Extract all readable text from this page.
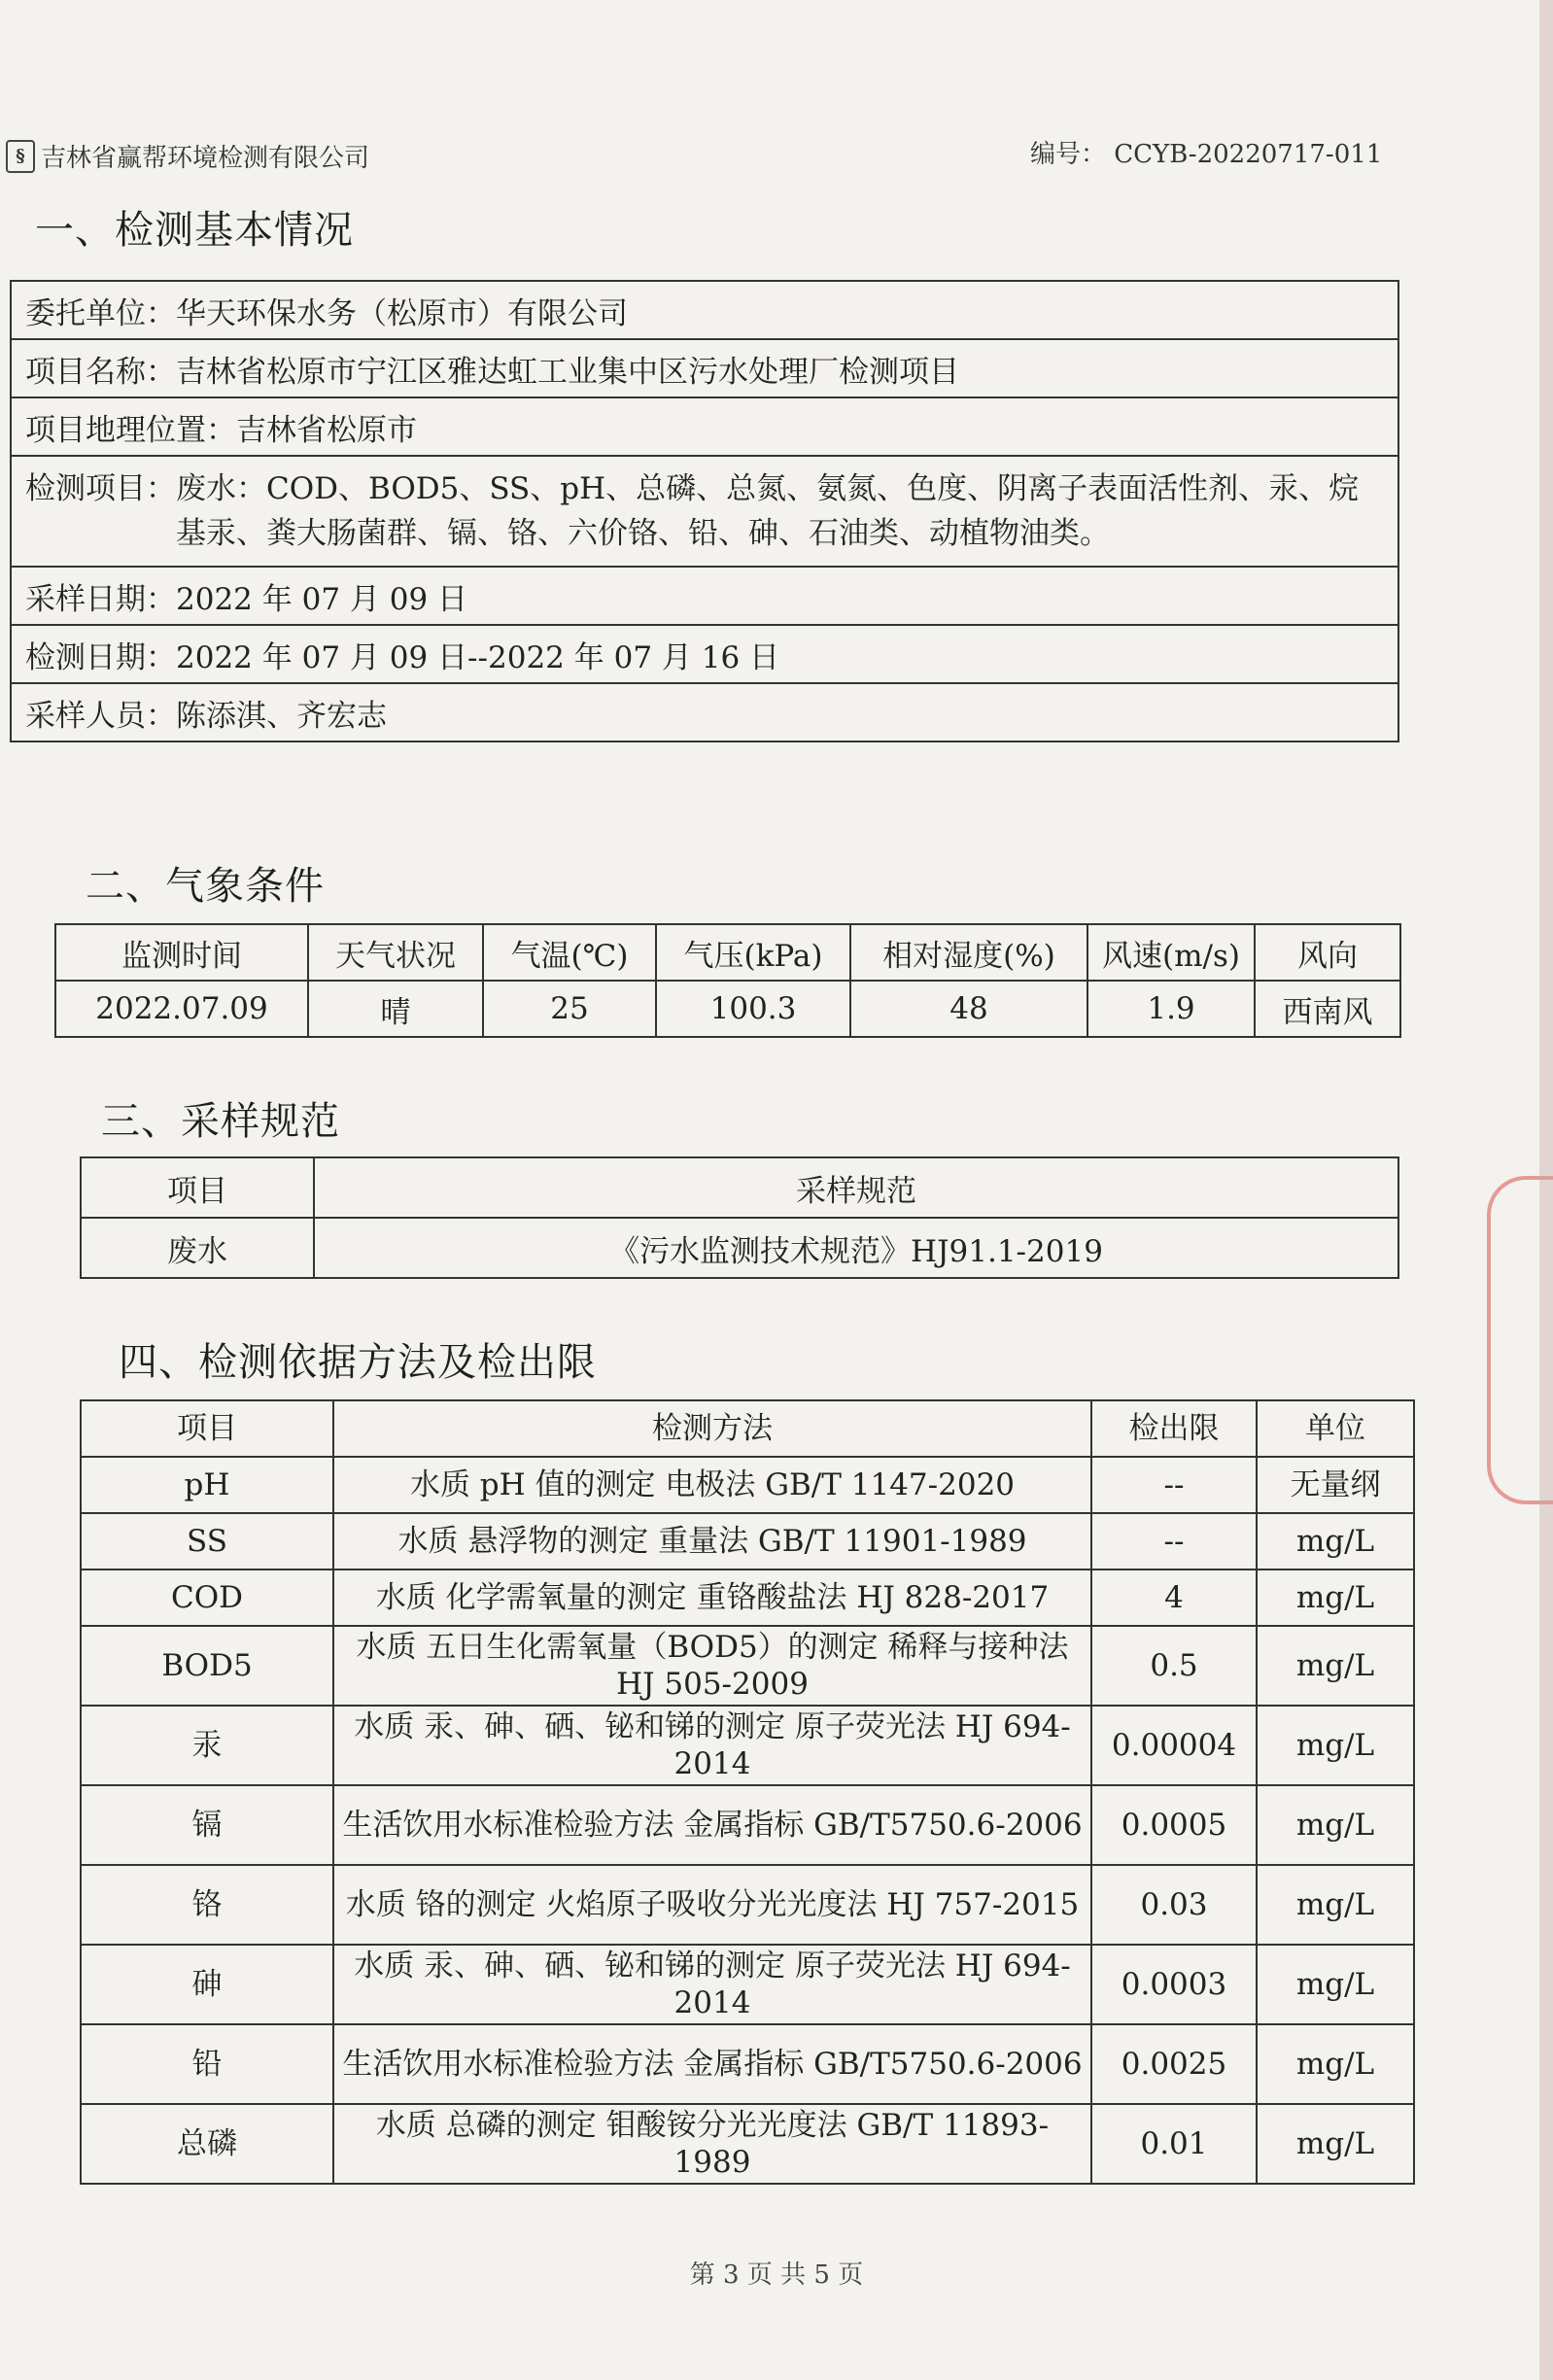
§ 吉林省赢帮环境检测有限公司	编号： CCYB-20220717-011
一、检测基本情况
委托单位：华天环保水务（松原市）有限公司
项目名称：吉林省松原市宁江区雅达虹工业集中区污水处理厂检测项目
项目地理位置：吉林省松原市

检测项目： 废水：COD、BOD5、SS、pH、总磷、总氮、氨氮、色度、阴离子表面活性剂、汞、烷基汞、粪大肠菌群、镉、铬、六价铬、铅、砷、石油类、动植物油类。

采样日期：2022 年 07 月 09 日
检测日期：2022 年 07 月 09 日--2022 年 07 月 16 日
采样人员：陈添淇、齐宏志
二、气象条件
监测时间	天气状况	气温(℃)	气压(kPa)	相对湿度(%)	风速(m/s)	风向
2022.07.09	晴	25	100.3	48	1.9	西南风
三、采样规范
项目	采样规范
废水	《污水监测技术规范》HJ91.1-2019
四、检测依据方法及检出限
项目	检测方法	检出限	单位
pH	水质 pH 值的测定 电极法 GB/T 1147-2020	--	无量纲
SS	水质 悬浮物的测定 重量法 GB/T 11901-1989	--	mg/L
COD	水质 化学需氧量的测定 重铬酸盐法 HJ 828-2017	4	mg/L
BOD5	水质 五日生化需氧量（BOD5）的测定 稀释与接种法 HJ 505-2009	0.5	mg/L
汞	水质 汞、砷、硒、铋和锑的测定 原子荧光法 HJ 694-2014	0.00004	mg/L
镉	生活饮用水标准检验方法 金属指标 GB/T5750.6-2006	0.0005	mg/L
铬	水质 铬的测定 火焰原子吸收分光光度法 HJ 757-2015	0.03	mg/L
砷	水质 汞、砷、硒、铋和锑的测定 原子荧光法 HJ 694-2014	0.0003	mg/L
铅	生活饮用水标准检验方法 金属指标 GB/T5750.6-2006	0.0025	mg/L
总磷	水质 总磷的测定 钼酸铵分光光度法 GB/T 11893-1989	0.01	mg/L
第 3 页 共 5 页
